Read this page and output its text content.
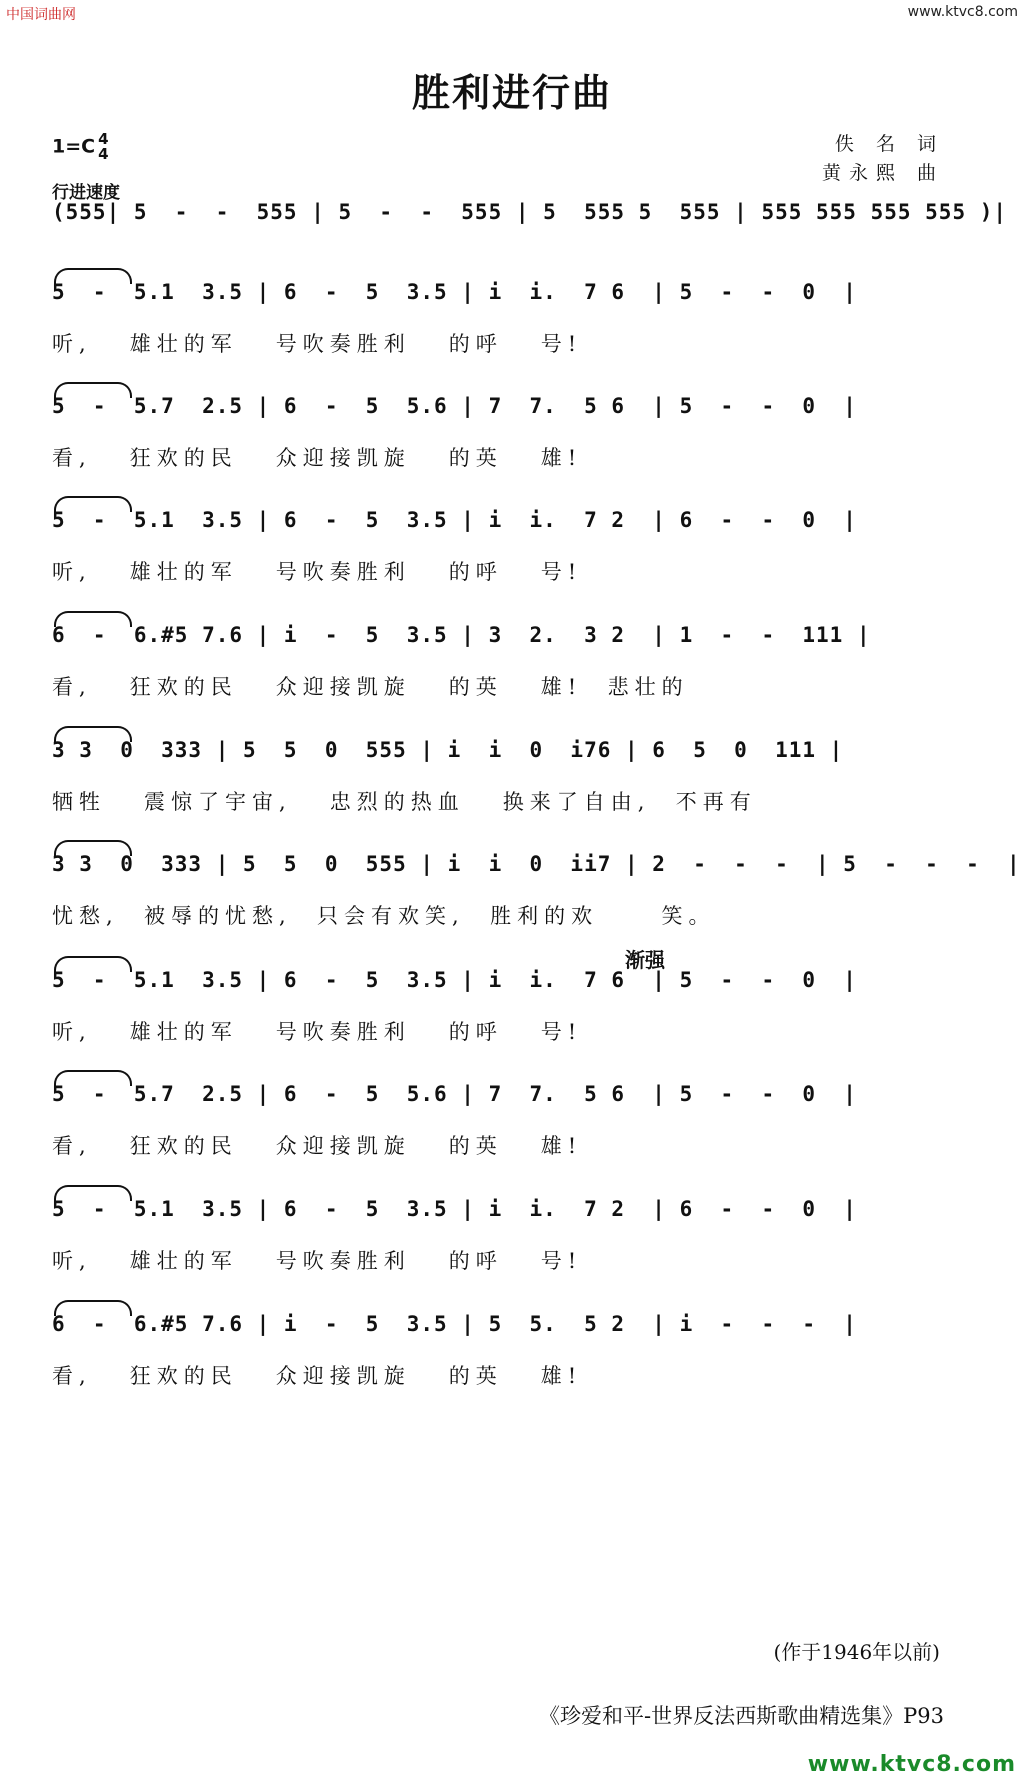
中国词曲网	www.ktvc8.com
胜利进行曲
1=C 4
4
行进速度
佚 名 词
黄永熙 曲
渐强
(555| 5  -  -  555 | 5  -  -  555 | 5  555 5  555 | 555 555 555 555 )|
5  -  5.1  3.5 | 6  -  5  3.5 | i  i.  7 6  | 5  -  -  0  |
听,   雄壮的军   号吹奏胜利   的呼   号!
5  -  5.7  2.5 | 6  -  5  5.6 | 7  7.  5 6  | 5  -  -  0  |
看,   狂欢的民   众迎接凯旋   的英   雄!
5  -  5.1  3.5 | 6  -  5  3.5 | i  i.  7 2  | 6  -  -  0  |
听,   雄壮的军   号吹奏胜利   的呼   号!
6  -  6.#5 7.6 | i  -  5  3.5 | 3  2.  3 2  | 1  -  -  111 |
看,   狂欢的民   众迎接凯旋   的英   雄!  悲壮的
3 3  0  333 | 5  5  0  555 | i  i  0  i76 | 6  5  0  111 |
牺牲   震惊了宇宙,   忠烈的热血   换来了自由,  不再有
3 3  0  333 | 5  5  0  555 | i  i  0  ii7 | 2  -  -  -  | 5  -  -  -  |
忧愁,  被辱的忧愁,  只会有欢笑,  胜利的欢     笑。
5  -  5.1  3.5 | 6  -  5  3.5 | i  i.  7 6  | 5  -  -  0  |
听,   雄壮的军   号吹奏胜利   的呼   号!
5  -  5.7  2.5 | 6  -  5  5.6 | 7  7.  5 6  | 5  -  -  0  |
看,   狂欢的民   众迎接凯旋   的英   雄!
5  -  5.1  3.5 | 6  -  5  3.5 | i  i.  7 2  | 6  -  -  0  |
听,   雄壮的军   号吹奏胜利   的呼   号!
6  -  6.#5 7.6 | i  -  5  3.5 | 5  5.  5 2  | i  -  -  -  |
看,   狂欢的民   众迎接凯旋   的英   雄!
(作于1946年以前)
《珍爱和平-世界反法西斯歌曲精选集》P93
www.ktvc8.com
